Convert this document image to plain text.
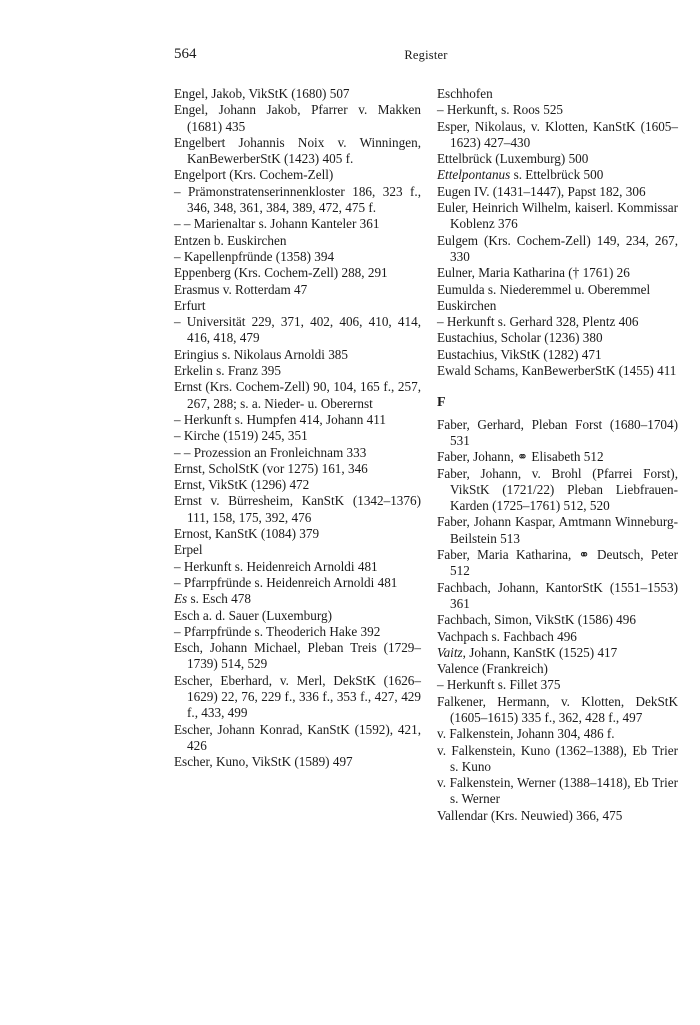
564	Register
Engel, Jakob, VikStK (1680) 507
Engel, Johann Jakob, Pfarrer v. Makken (1681) 435
Engelbert Johannis Noix v. Winningen, KanBewerberStK (1423) 405 f.
Engelport (Krs. Cochem-Zell)
– Prämonstratenserinnenkloster 186, 323 f., 346, 348, 361, 384, 389, 472, 475 f.
– – Marienaltar s. Johann Kanteler 361
Entzen b. Euskirchen
– Kapellenpfründe (1358) 394
Eppenberg (Krs. Cochem-Zell) 288, 291
Erasmus v. Rotterdam 47
Erfurt
– Universität 229, 371, 402, 406, 410, 414, 416, 418, 479
Eringius s. Nikolaus Arnoldi 385
Erkelin s. Franz 395
Ernst (Krs. Cochem-Zell) 90, 104, 165 f., 257, 267, 288; s. a. Nieder- u. Oberernst
– Herkunft s. Humpfen 414, Johann 411
– Kirche (1519) 245, 351
– – Prozession an Fronleichnam 333
Ernst, ScholStK (vor 1275) 161, 346
Ernst, VikStK (1296) 472
Ernst v. Bürresheim, KanStK (1342–1376) 111, 158, 175, 392, 476
Ernost, KanStK (1084) 379
Erpel
– Herkunft s. Heidenreich Arnoldi 481
– Pfarrpfründe s. Heidenreich Arnoldi 481
Es s. Esch 478
Esch a. d. Sauer (Luxemburg)
– Pfarrpfründe s. Theoderich Hake 392
Esch, Johann Michael, Pleban Treis (1729–1739) 514, 529
Escher, Eberhard, v. Merl, DekStK (1626–1629) 22, 76, 229 f., 336 f., 353 f., 427, 429 f., 433, 499
Escher, Johann Konrad, KanStK (1592), 421, 426
Escher, Kuno, VikStK (1589) 497
Eschhofen
– Herkunft, s. Roos 525
Esper, Nikolaus, v. Klotten, KanStK (1605–1623) 427–430
Ettelbrück (Luxemburg) 500
Ettelpontanus s. Ettelbrück 500
Eugen IV. (1431–1447), Papst 182, 306
Euler, Heinrich Wilhelm, kaiserl. Kommissar Koblenz 376
Eulgem (Krs. Cochem-Zell) 149, 234, 267, 330
Eulner, Maria Katharina († 1761) 26
Eumulda s. Niederemmel u. Oberemmel
Euskirchen
– Herkunft s. Gerhard 328, Plentz 406
Eustachius, Scholar (1236) 380
Eustachius, VikStK (1282) 471
Ewald Schams, KanBewerberStK (1455) 411
F
Faber, Gerhard, Pleban Forst (1680–1704) 531
Faber, Johann, ⚭ Elisabeth 512
Faber, Johann, v. Brohl (Pfarrei Forst), VikStK (1721/22) Pleban Liebfrauen-Karden (1725–1761) 512, 520
Faber, Johann Kaspar, Amtmann Winneburg-Beilstein 513
Faber, Maria Katharina, ⚭ Deutsch, Peter 512
Fachbach, Johann, KantorStK (1551–1553) 361
Fachbach, Simon, VikStK (1586) 496
Vachpach s. Fachbach 496
Vaitz, Johann, KanStK (1525) 417
Valence (Frankreich)
– Herkunft s. Fillet 375
Falkener, Hermann, v. Klotten, DekStK (1605–1615) 335 f., 362, 428 f., 497
v. Falkenstein, Johann 304, 486 f.
v. Falkenstein, Kuno (1362–1388), Eb Trier s. Kuno
v. Falkenstein, Werner (1388–1418), Eb Trier s. Werner
Vallendar (Krs. Neuwied) 366, 475
